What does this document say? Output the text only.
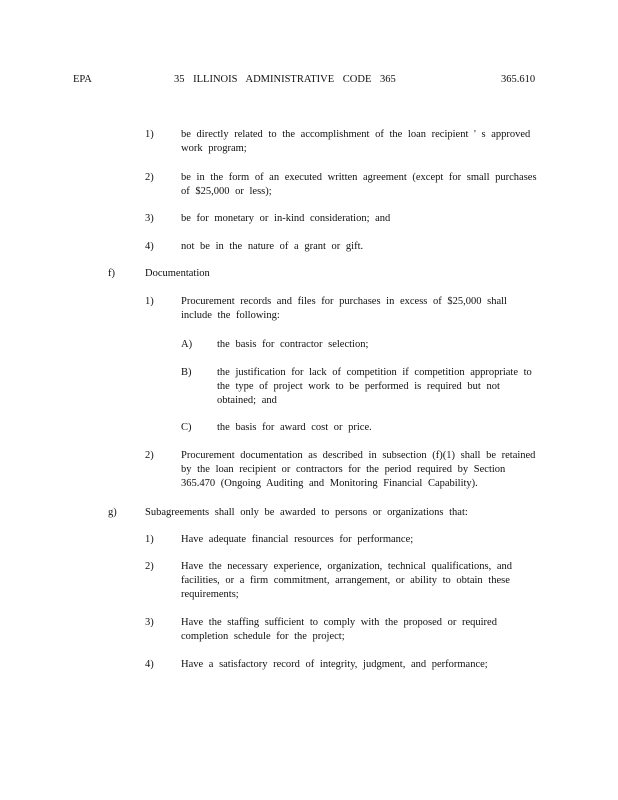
EPA	35 ILLINOIS ADMINISTRATIVE CODE 365	365.610
1)	be directly related to the accomplishment of the loan recipient ' s approved work program;
2)	be in the form of an executed written agreement (except for small purchases of $25,000 or less);
3)	be for monetary or in-kind consideration; and
4)	not be in the nature of a grant or gift.
f)	Documentation
1)	Procurement records and files for purchases in excess of $25,000 shall include the following:
A) the basis for contractor selection;
B) the justification for lack of competition if competition appropriate to the type of project work to be performed is required but not obtained; and
C) the basis for award cost or price.
2)	Procurement documentation as described in subsection (f)(1) shall be retained by the loan recipient or contractors for the period required by Section 365.470 (Ongoing Auditing and Monitoring Financial Capability).
g)	Subagreements shall only be awarded to persons or organizations that:
1)	Have adequate financial resources for performance;
2)	Have the necessary experience, organization, technical qualifications, and facilities, or a firm commitment, arrangement, or ability to obtain these requirements;
3)	Have the staffing sufficient to comply with the proposed or required completion schedule for the project;
4)	Have a satisfactory record of integrity, judgment, and performance;
